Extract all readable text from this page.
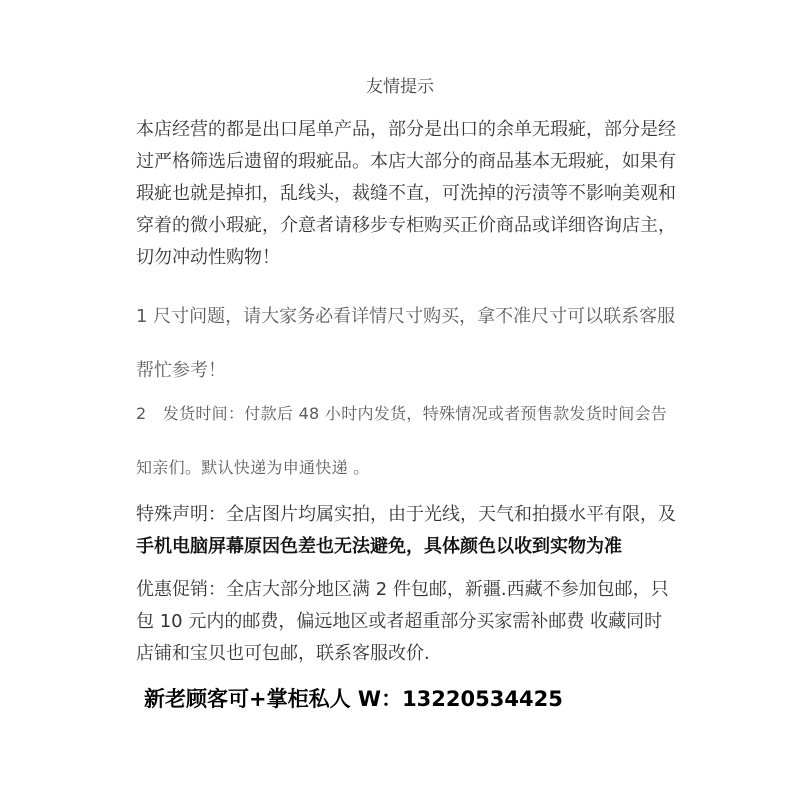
友情提示

本店经营的都是出口尾单产品，部分是出口的余单无瑕疵，部分是经过严格筛选后遗留的瑕疵品。本店大部分的商品基本无瑕疵，如果有瑕疵也就是掉扣，乱线头，裁缝不直，可洗掉的污渍等不影响美观和穿着的微小瑕疵，介意者请移步专柜购买正价商品或详细咨询店主，切勿冲动性购物！

1 尺寸问题，请大家务必看详情尺寸购买，拿不准尺寸可以联系客服帮忙参考！

2　发货时间：付款后 48 小时内发货，特殊情况或者预售款发货时间会告知亲们。默认快递为申通快递 。

特殊声明：全店图片均属实拍，由于光线，天气和拍摄水平有限，及手机电脑屏幕原因色差也无法避免，具体颜色以收到实物为准

优惠促销：全店大部分地区满 2 件包邮，新疆.西藏不参加包邮，只包 10 元内的邮费，偏远地区或者超重部分买家需补邮费 收藏同时店铺和宝贝也可包邮，联系客服改价.

新老顾客可+掌柜私人 W：13220534425
